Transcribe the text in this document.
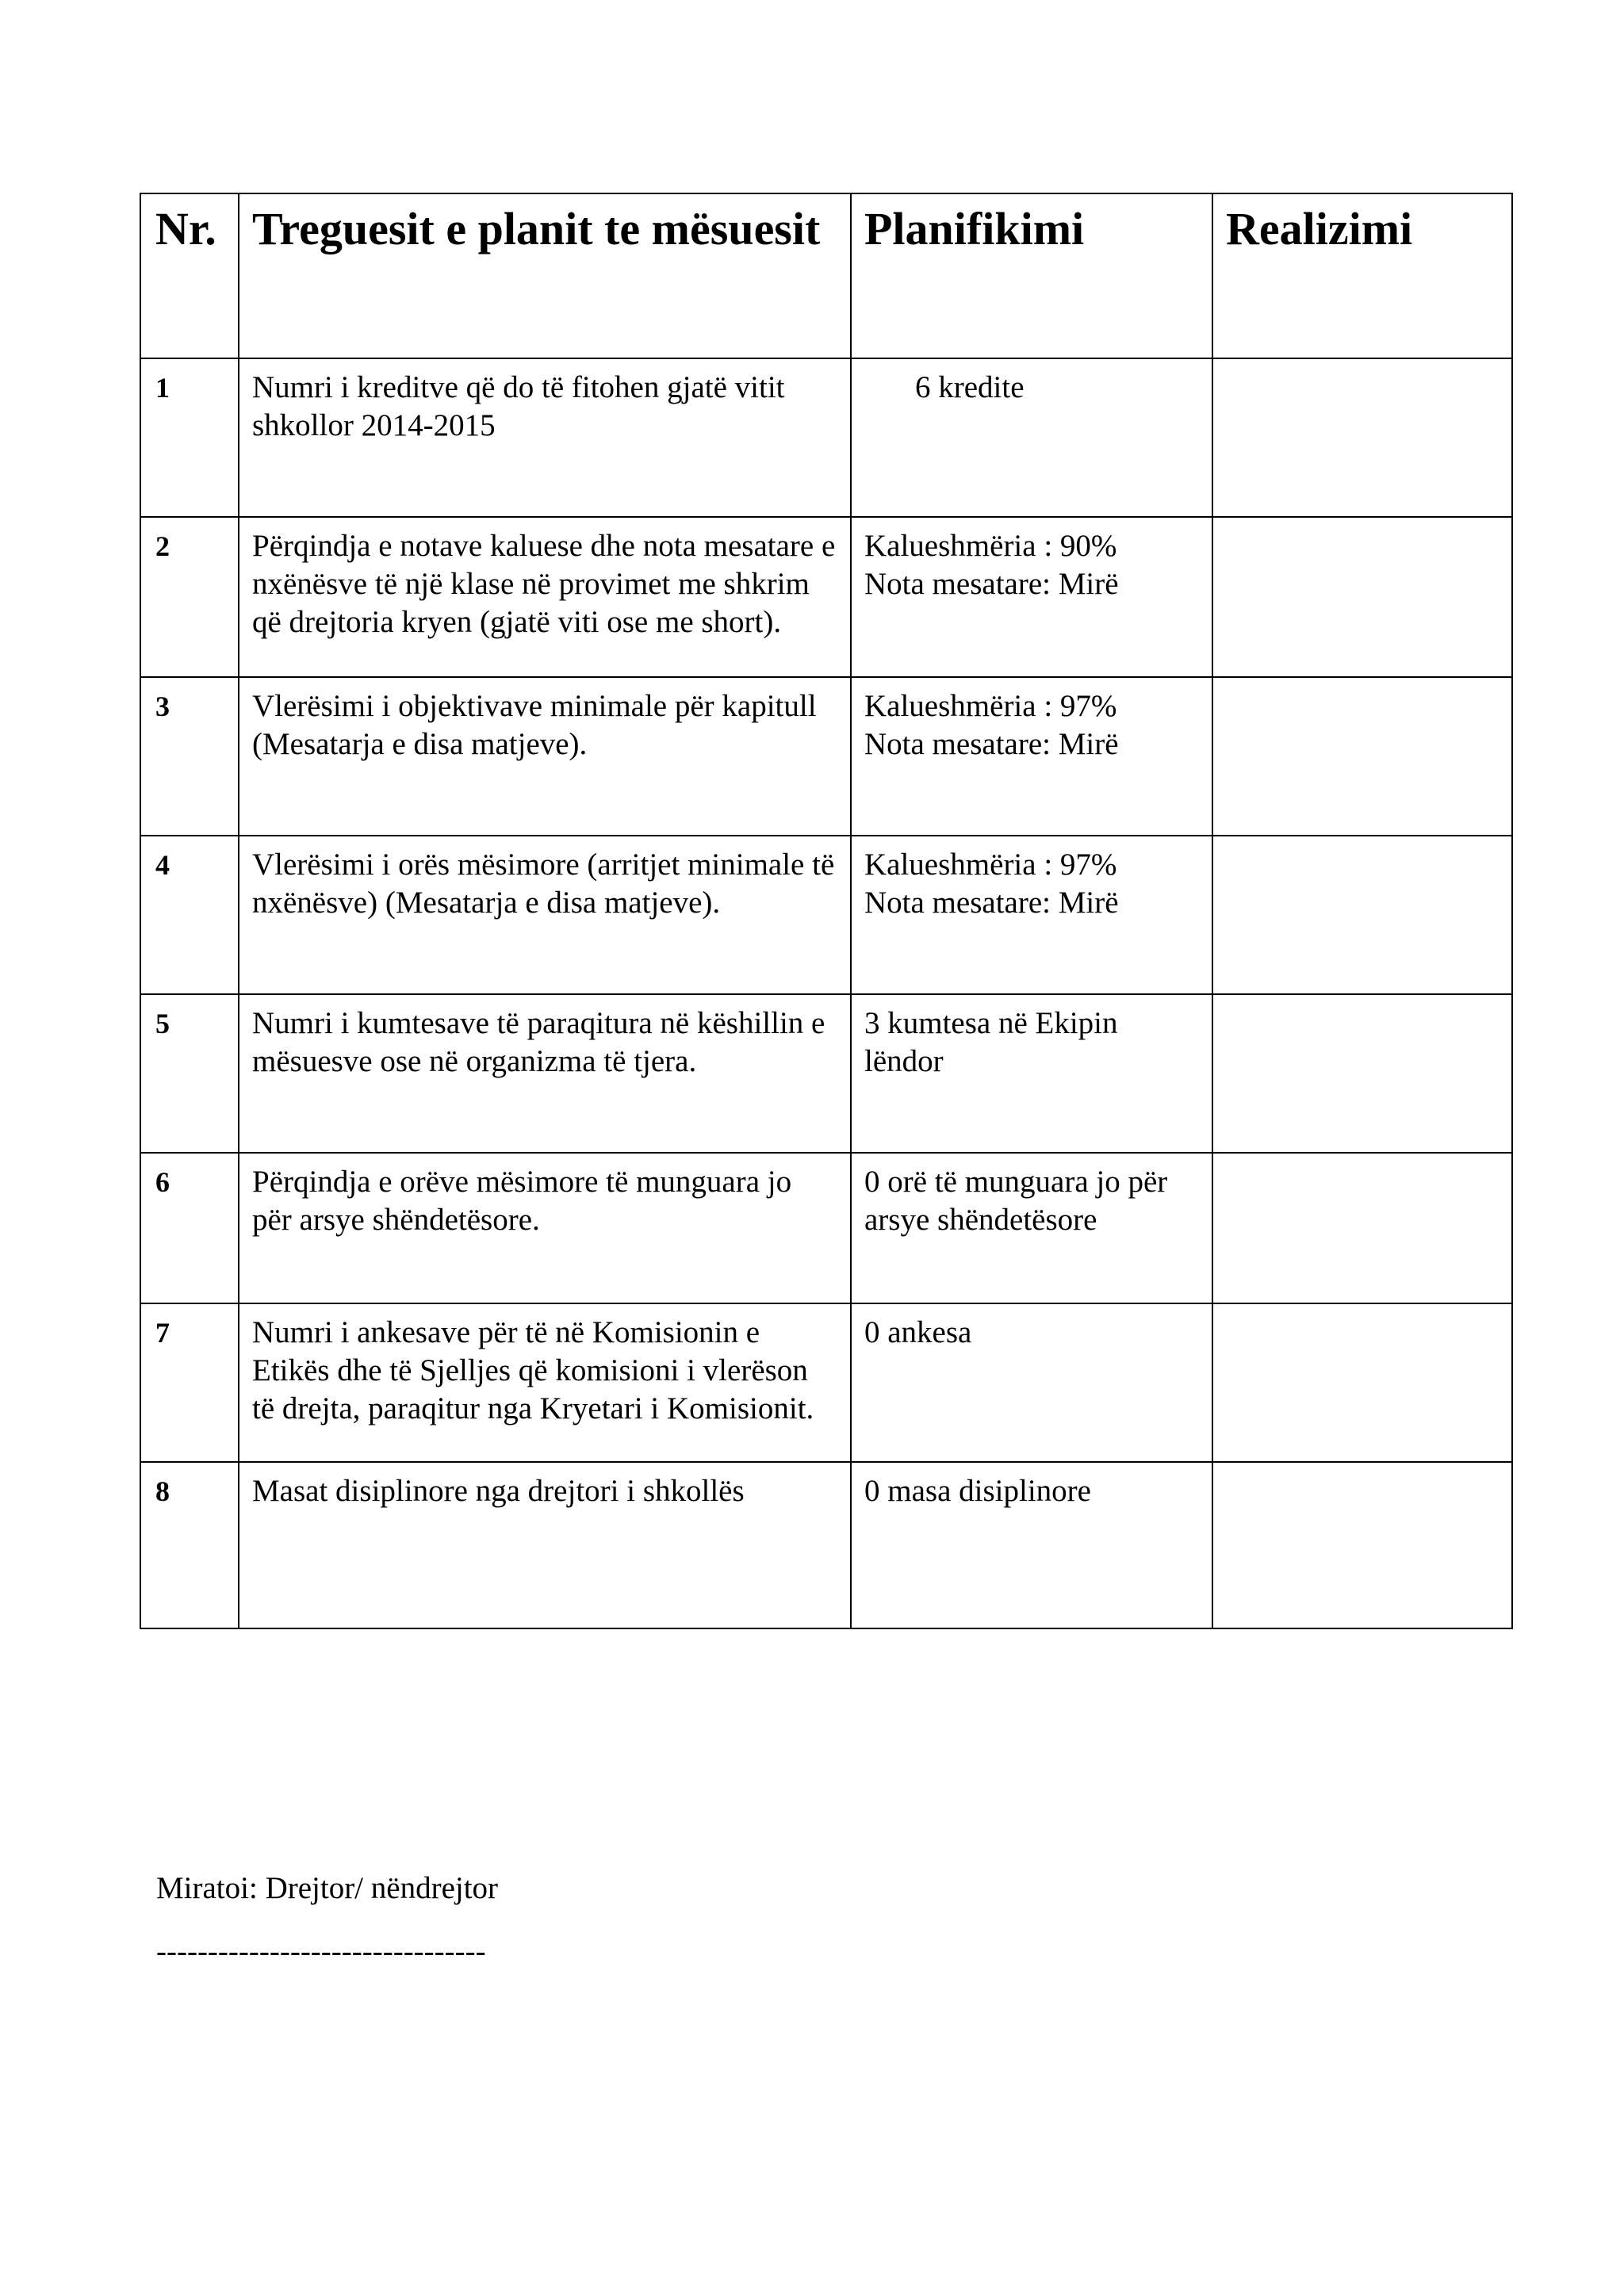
Nr.	Treguesit e planit te mësuesit	Planifikimi	Realizimi
1	Numri i kreditve që do të fitohen gjatë vitit shkollor 2014-2015	6 kredite	

2	Përqindja e notave kaluese dhe nota mesatare e nxënësve të një klase në provimet me shkrim që drejtoria kryen (gjatë viti ose me short).	Kalueshmëria : 90%
Nota mesatare: Mirë	

3	Vlerësimi i objektivave minimale për kapitull (Mesatarja e disa matjeve).	Kalueshmëria : 97%
Nota mesatare: Mirë	

4	Vlerësimi i orës mësimore (arritjet minimale të nxënësve) (Mesatarja e disa matjeve).	Kalueshmëria : 97%
Nota mesatare: Mirë	

5	Numri i kumtesave të paraqitura në këshillin e mësuesve ose në organizma të tjera.	3 kumtesa në Ekipin lëndor	

6	Përqindja e orëve mësimore të munguara jo për arsye shëndetësore.	0 orë të munguara jo për arsye shëndetësore	

7	Numri i ankesave për të në Komisionin e Etikës dhe të Sjelljes që komisioni i vlerëson të drejta, paraqitur nga Kryetari i Komisionit.	0 ankesa	

8	Masat disiplinore nga drejtori i shkollës	0 masa disiplinore	

Miratoi: Drejtor/ nëndrejtor
--------------------------------
